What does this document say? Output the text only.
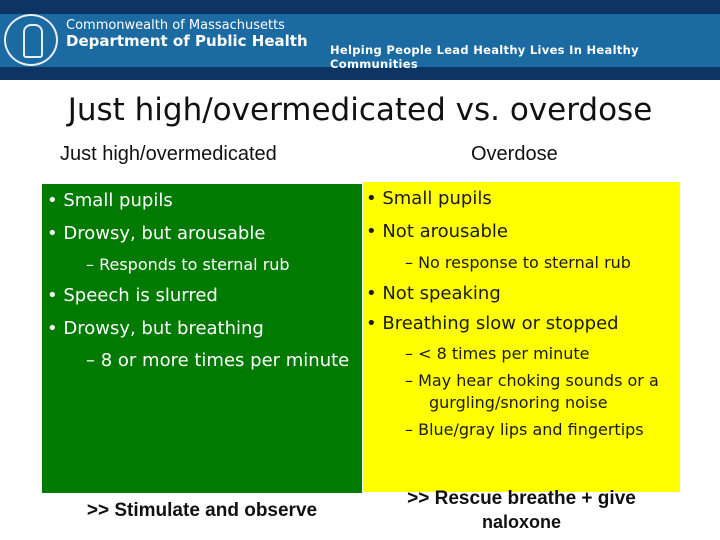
Commonwealth of Massachusetts
Department of Public Health Helping People Lead Healthy Lives In Healthy Communities
Just high/overmedicated vs. overdose
Just high/overmedicated	Overdose
• Small pupils
• Drowsy, but arousable
– Responds to sternal rub
• Speech is slurred
• Drowsy, but breathing
– 8 or more times per minute
• Small pupils
• Not arousable
– No response to sternal rub
• Not speaking
• Breathing slow or stopped
– < 8 times per minute
– May hear choking sounds or a
gurgling/snoring noise
– Blue/gray lips and fingertips
>> Stimulate and observe
>> Rescue breathe + give
naloxone
